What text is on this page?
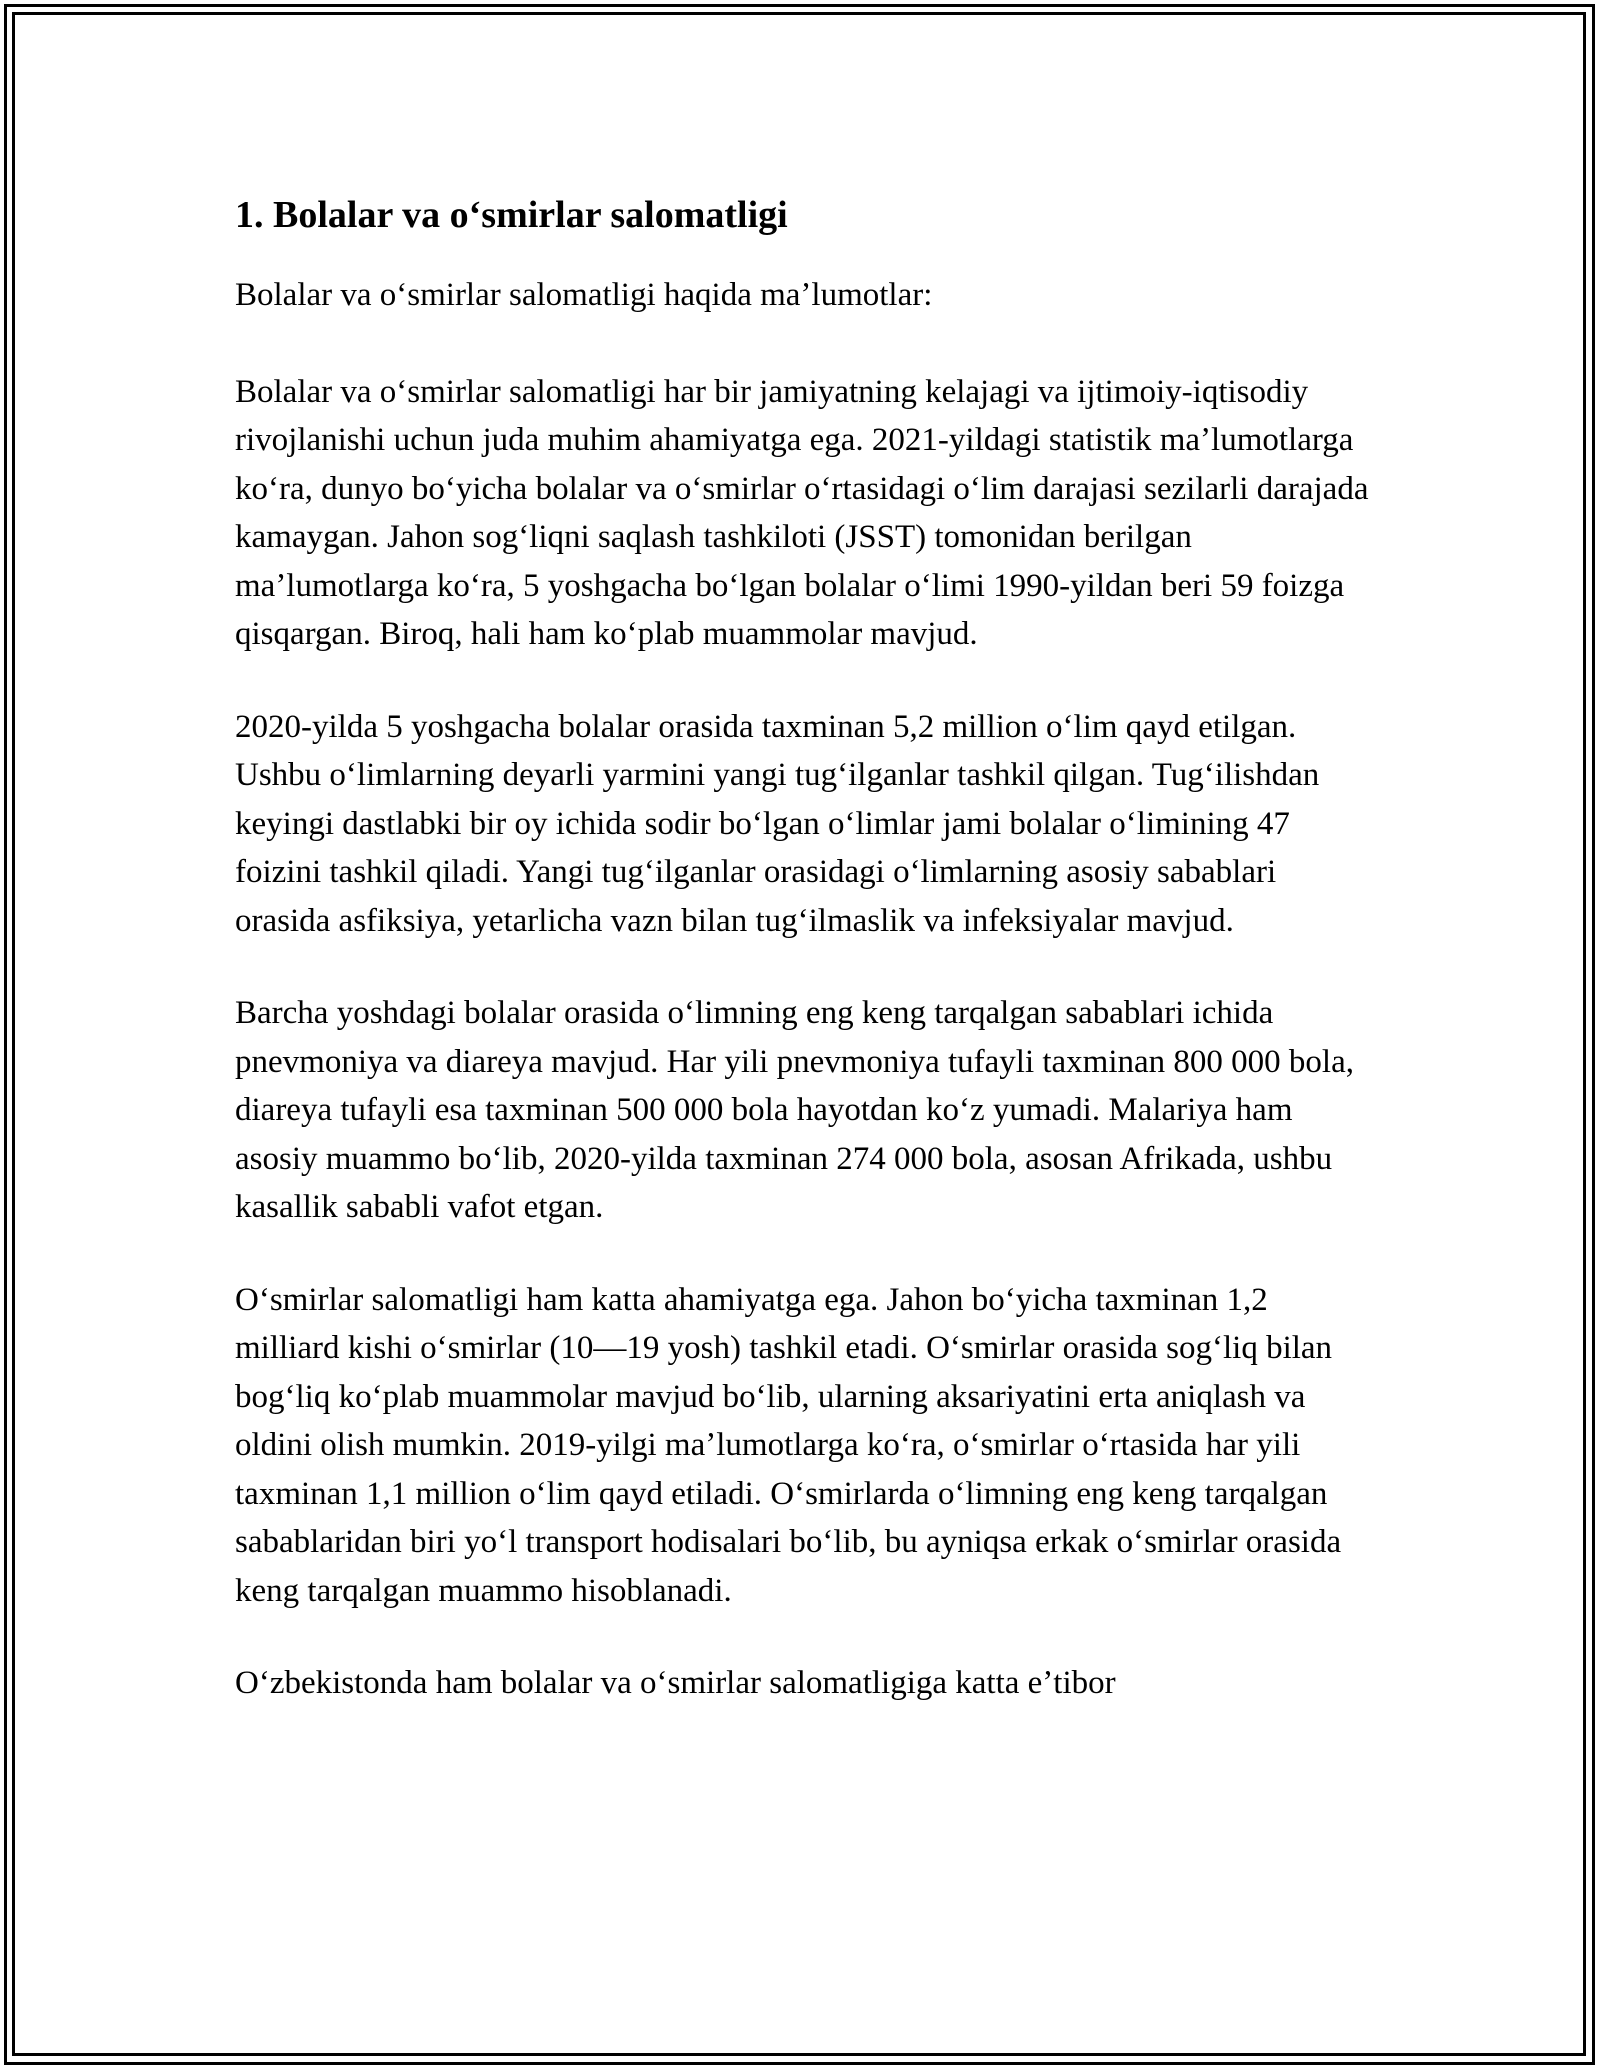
1. Bolalar va oʻsmirlar salomatligi

Bolalar va oʻsmirlar salomatligi haqida maʼlumotlar:

Bolalar va oʻsmirlar salomatligi har bir jamiyatning kelajagi va ijtimoiy-iqtisodiy rivojlanishi uchun juda muhim ahamiyatga ega. 2021-yildagi statistik maʼlumotlarga koʻra, dunyo boʻyicha bolalar va oʻsmirlar oʻrtasidagi oʻlim darajasi sezilarli darajada kamaygan. Jahon sogʻliqni saqlash tashkiloti (JSST) tomonidan berilgan maʼlumotlarga koʻra, 5 yoshgacha boʻlgan bolalar oʻlimi 1990-yildan beri 59 foizga qisqargan. Biroq, hali ham koʻplab muammolar mavjud.

2020-yilda 5 yoshgacha bolalar orasida taxminan 5,2 million oʻlim qayd etilgan. Ushbu oʻlimlarning deyarli yarmini yangi tugʻilganlar tashkil qilgan. Tugʻilishdan keyingi dastlabki bir oy ichida sodir boʻlgan oʻlimlar jami bolalar oʻlimining 47 foizini tashkil qiladi. Yangi tugʻilganlar orasidagi oʻlimlarning asosiy sabablari orasida asfiksiya, yetarlicha vazn bilan tugʻilmaslik va infeksiyalar mavjud.

Barcha yoshdagi bolalar orasida oʻlimning eng keng tarqalgan sabablari ichida pnevmoniya va diareya mavjud. Har yili pnevmoniya tufayli taxminan 800 000 bola, diareya tufayli esa taxminan 500 000 bola hayotdan koʻz yumadi. Malariya ham asosiy muammo boʻlib, 2020-yilda taxminan 274 000 bola, asosan Afrikada, ushbu kasallik sababli vafot etgan.

Oʻsmirlar salomatligi ham katta ahamiyatga ega. Jahon boʻyicha taxminan 1,2 milliard kishi oʻsmirlar (10—19 yosh) tashkil etadi. Oʻsmirlar orasida sogʻliq bilan bogʻliq koʻplab muammolar mavjud boʻlib, ularning aksariyatini erta aniqlash va oldini olish mumkin. 2019-yilgi maʼlumotlarga koʻra, oʻsmirlar oʻrtasida har yili taxminan 1,1 million oʻlim qayd etiladi. Oʻsmirlarda oʻlimning eng keng tarqalgan sabablaridan biri yoʻl transport hodisalari boʻlib, bu ayniqsa erkak oʻsmirlar orasida keng tarqalgan muammo hisoblanadi.

Oʻzbekistonda ham bolalar va oʻsmirlar salomatligiga katta eʼtibor
